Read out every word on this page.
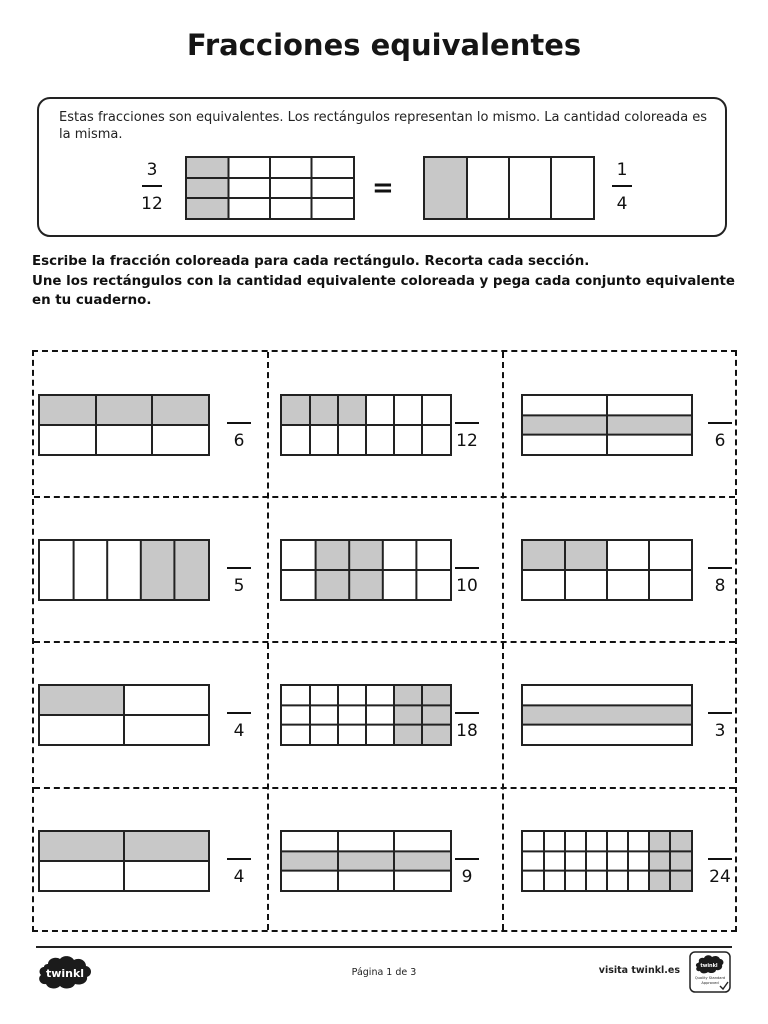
Fracciones equivalentes
Estas fracciones son equivalentes. Los rectángulos representan lo mismo. La cantidad coloreada es la misma.
3
12
=
1
4

Escribe la fracción coloreada para cada rectángulo. Recorta cada sección.

Une los rectángulos con la cantidad equivalente coloreada y pega cada conjunto equivalente en tu cuaderno.

6	12	6
5	10	8
4	18	3
4	9	24
twinkl	Página 1 de 3	visita twinkl.es	twinkl
Quality Standard
Approved
